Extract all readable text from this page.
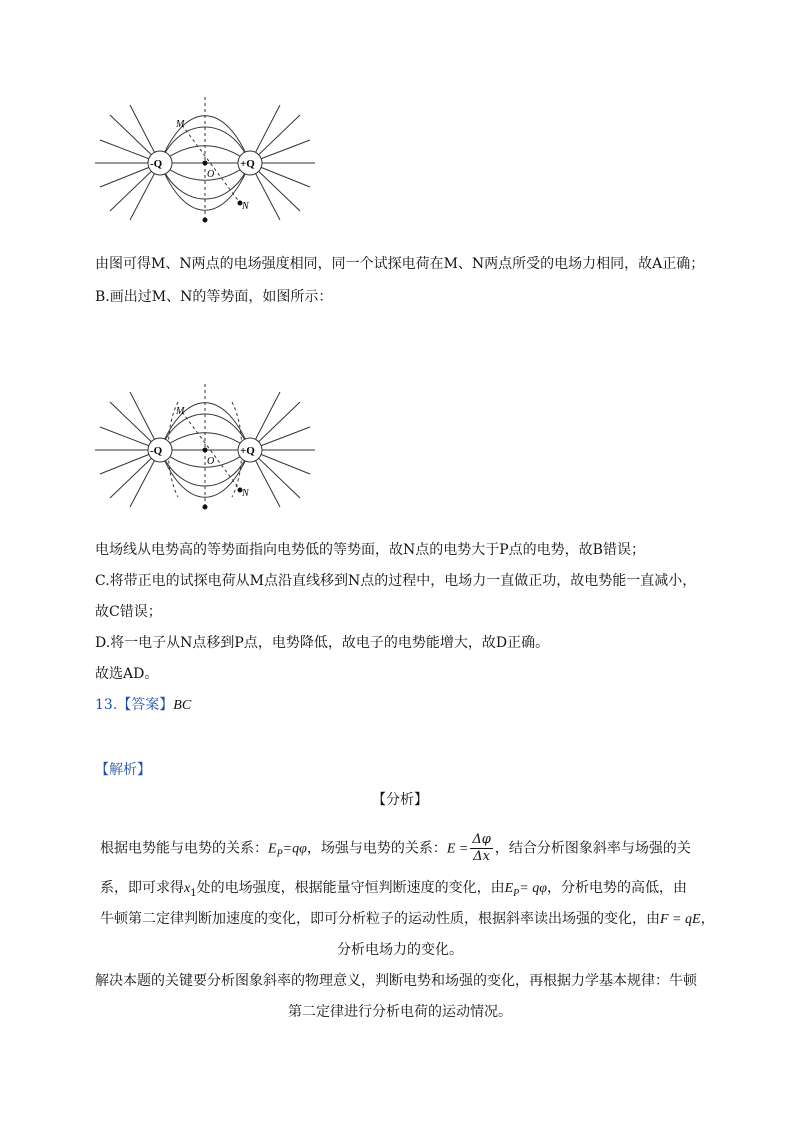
-Q	+Q
M
O
N
由图可得M、N两点的电场强度相同，同一个试探电荷在M、N两点所受的电场力相同，故A正确；
B.画出过M、N的等势面，如图所示：
-Q	+Q
M
O
N
电场线从电势高的等势面指向电势低的等势面，故N点的电势大于P点的电势，故B错误；
C.将带正电的试探电荷从M点沿直线移到N点的过程中，电场力一直做正功，故电势能一直减小，
故C错误；
D.将一电子从N点移到P点，电势降低，故电子的电势能增大，故D正确。
故选AD。
13.【答案】BC
【解析】
【分析】
根据电势能与电势的关系：$E_P=q\varphi$，场强与电势的关系：$E = \frac{\Delta\varphi}{\Delta x}$ ，结合分析图象斜率与场强的关
系，即可求得$x_1$处的电场强度，根据能量守恒判断速度的变化，由$E_P= q\varphi$，分析电势的高低，由
牛顿第二定律判断加速度的变化，即可分析粒子的运动性质，根据斜率读出场强的变化，由F = qE，
分析电场力的变化。
解决本题的关键要分析图象斜率的物理意义，判断电势和场强的变化，再根据力学基本规律：牛顿
第二定律进行分析电荷的运动情况。
